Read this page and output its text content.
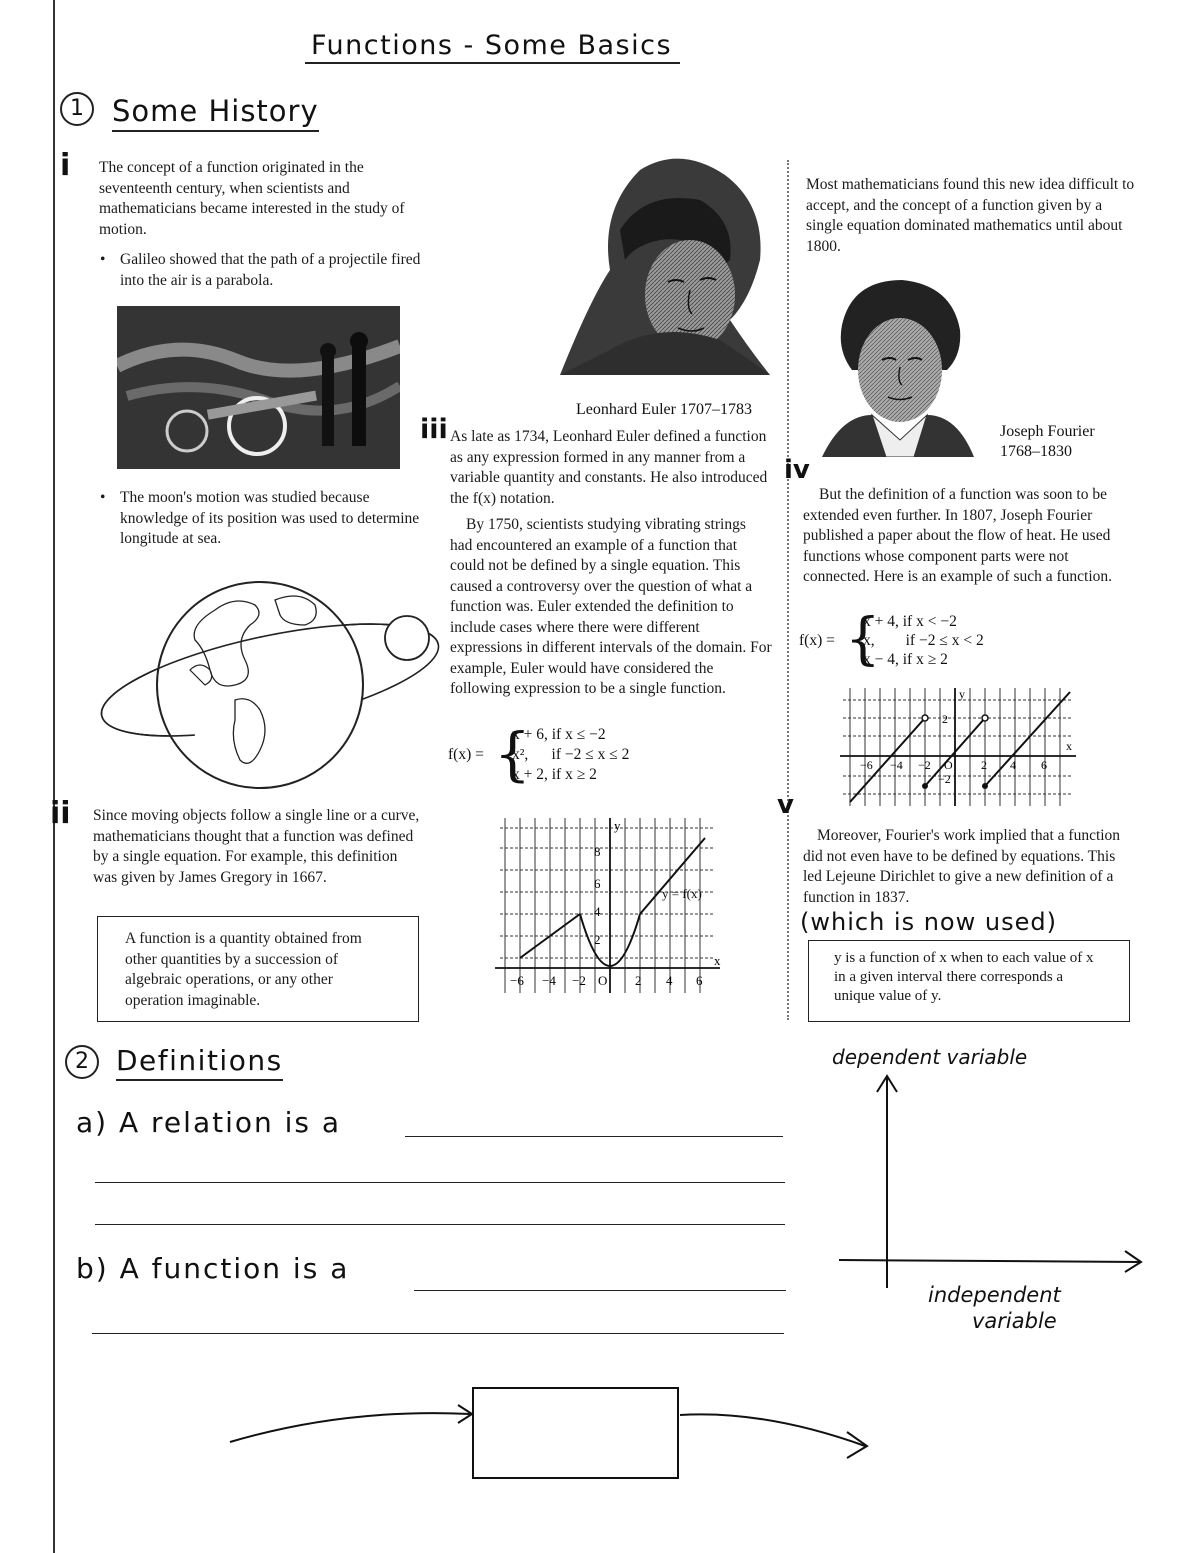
Functions - Some Basics
1 Some History
i The concept of a function originated in the seventeenth century, when scientists and mathematicians became interested in the study of motion.
• Galileo showed that the path of a projectile fired into the air is a parabola.
• The moon's motion was studied because knowledge of its position was used to determine longitude at sea.
ii Since moving objects follow a single line or a curve, mathematicians thought that a function was defined by a single equation. For example, this definition was given by James Gregory in 1667.
A function is a quantity obtained from other quantities by a succession of algebraic operations, or any other operation imaginable.
Leonhard Euler 1707–1783
iii As late as 1734, Leonhard Euler defined a function as any expression formed in any manner from a variable quantity and constants. He also introduced the f(x) notation.
By 1750, scientists studying vibrating strings had encountered an example of a function that could not be defined by a single equation. This caused a controversy over the question of what a function was. Euler extended the definition to include cases where there were different expressions in different intervals of the domain. For example, Euler would have considered the following expression to be a single function.
f(x) = {
x + 6, if x ≤ −2
x²,      if −2 ≤ x ≤ 2
x + 2, if x ≥ 2
y
x
y = f(x)
8
6
4
2
−6 −4 −2 O 2 4 6
Most mathematicians found this new idea difficult to accept, and the concept of a function given by a single equation dominated mathematics until about 1800.
Joseph Fourier
1768–1830
iv
But the definition of a function was soon to be extended even further. In 1807, Joseph Fourier published a paper about the flow of heat. He used functions whose component parts were not connected. Here is an example of such a function.
f(x) = {
x + 4, if x < −2
x,        if −2 ≤ x < 2
x − 4, if x ≥ 2
y
x
2
−2
−6 −4 −2 O 2 4 6
v
Moreover, Fourier's work implied that a function did not even have to be defined by equations. This led Lejeune Dirichlet to give a new definition of a function in 1837.
(which is now used)
y is a function of x when to each value of x in a given interval there corresponds a unique value of y.
2 Definitions
a) A relation is a
b) A function is a
dependent variable
independent
variable
